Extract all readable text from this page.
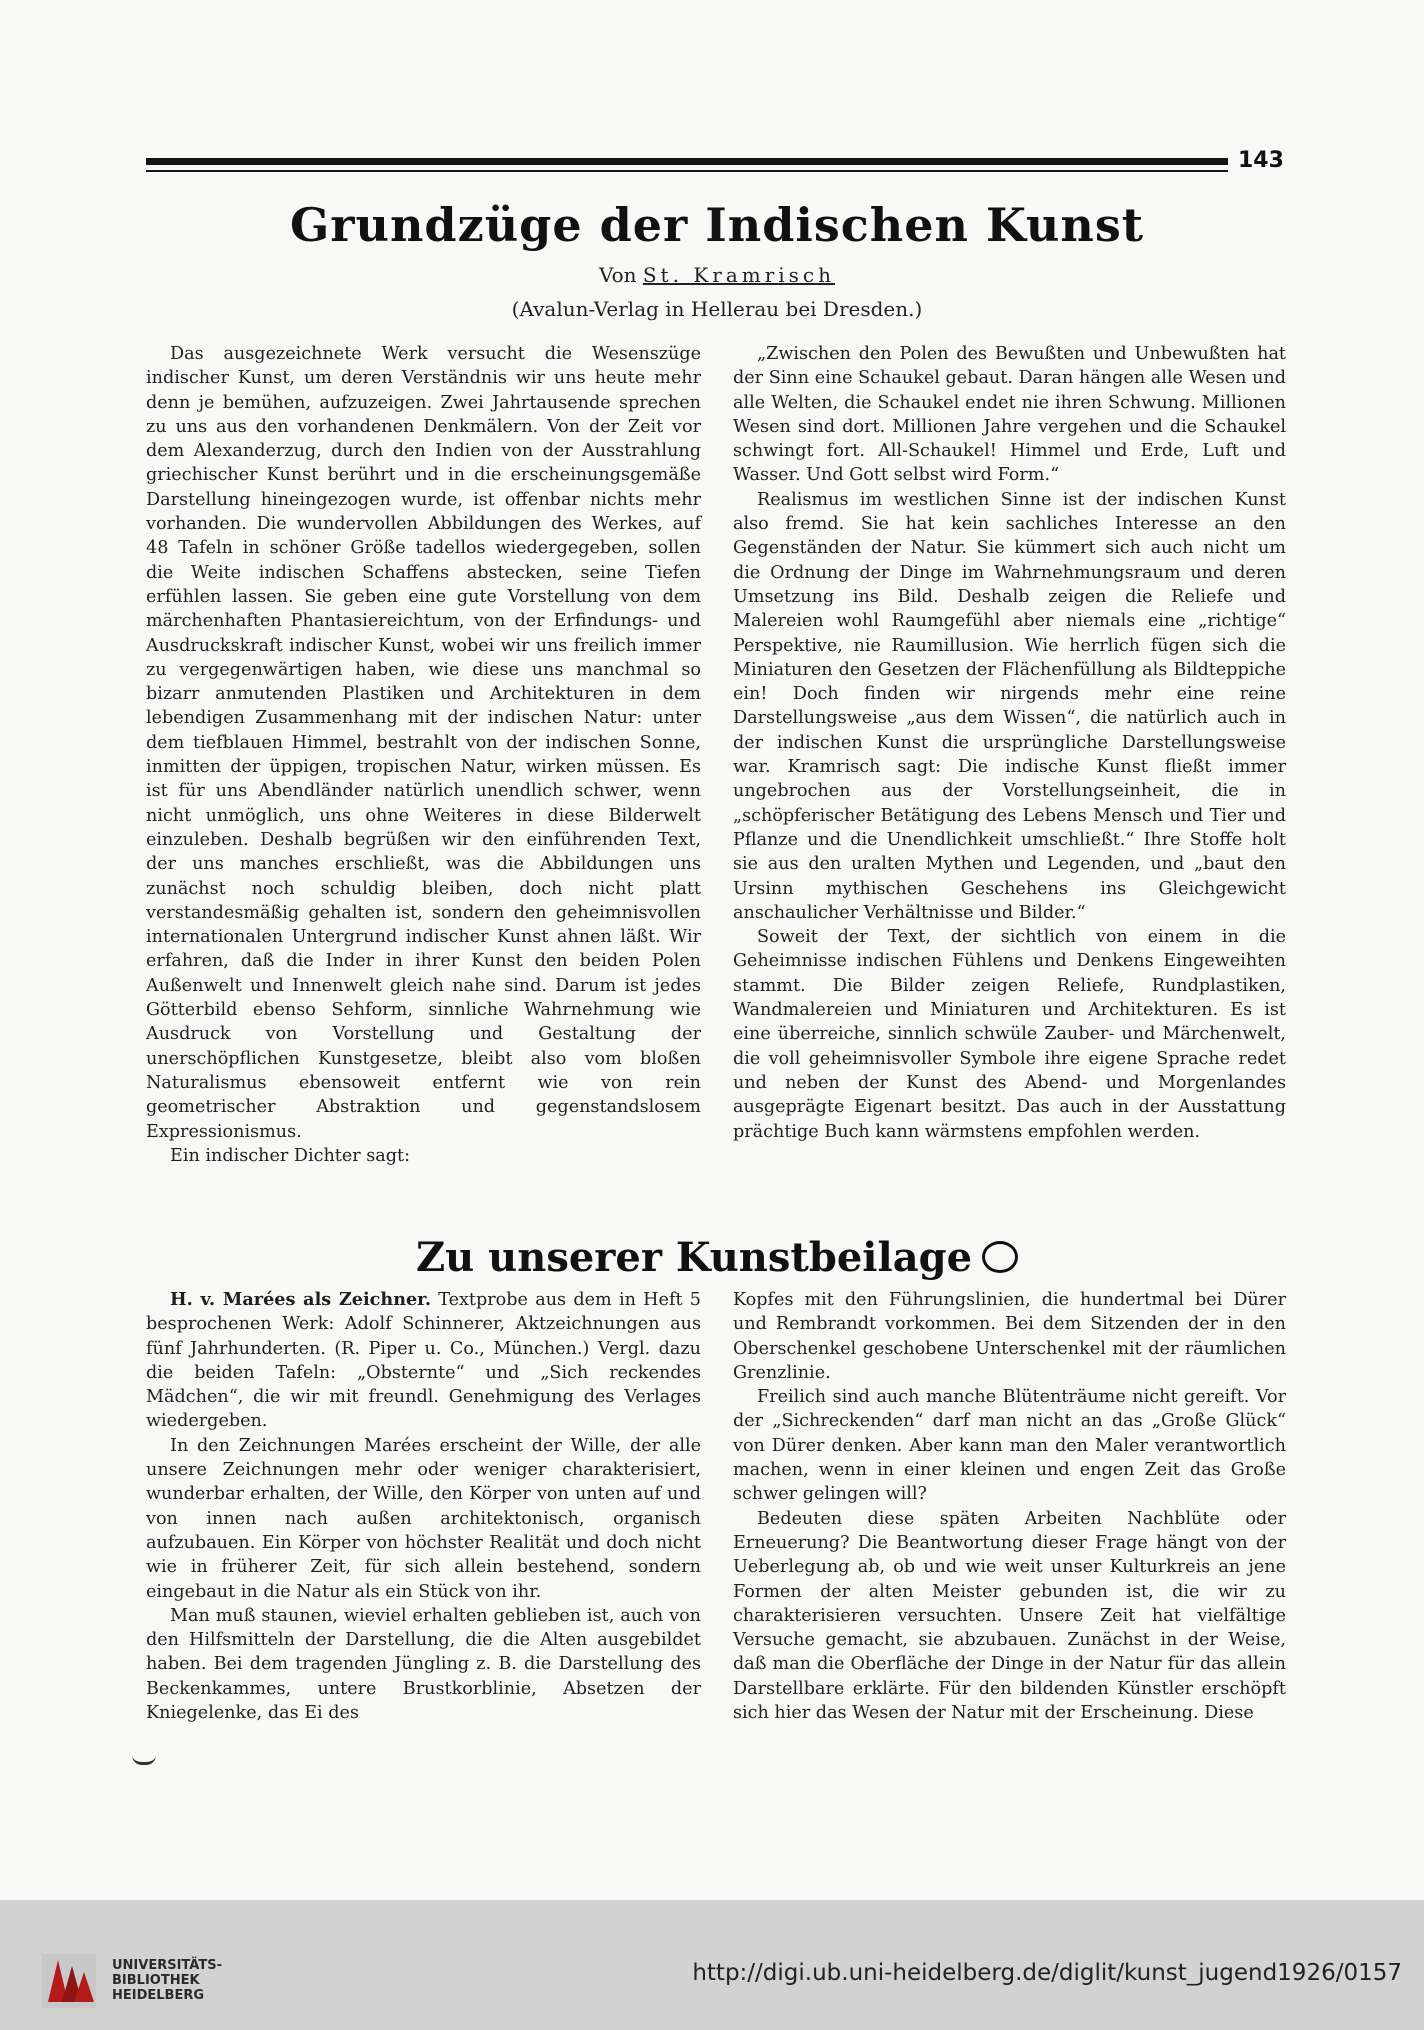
143
Grundzüge der Indischen Kunst

Von St. Kramrisch

(Avalun-Verlag in Hellerau bei Dresden.)

Das ausgezeichnete Werk versucht die Wesenszüge indischer Kunst, um deren Verständnis wir uns heute mehr denn je bemühen, aufzuzeigen. Zwei Jahrtausende sprechen zu uns aus den vorhandenen Denkmälern. Von der Zeit vor dem Alexanderzug, durch den Indien von der Ausstrahlung griechischer Kunst berührt und in die erscheinungsgemäße Darstellung hineingezogen wurde, ist offenbar nichts mehr vorhanden. Die wundervollen Abbildungen des Werkes, auf 48 Tafeln in schöner Größe tadellos wiedergegeben, sollen die Weite indischen Schaffens abstecken, seine Tiefen erfühlen lassen. Sie geben eine gute Vorstellung von dem märchenhaften Phantasiereichtum, von der Erfindungs- und Ausdruckskraft indischer Kunst, wobei wir uns freilich immer zu vergegenwärtigen haben, wie diese uns manchmal so bizarr anmutenden Plastiken und Architekturen in dem lebendigen Zusammenhang mit der indischen Natur: unter dem tiefblauen Himmel, bestrahlt von der indischen Sonne, inmitten der üppigen, tropischen Natur, wirken müssen. Es ist für uns Abendländer natürlich unendlich schwer, wenn nicht unmöglich, uns ohne Weiteres in diese Bilderwelt einzuleben. Deshalb begrüßen wir den einführenden Text, der uns manches erschließt, was die Abbildungen uns zunächst noch schuldig bleiben, doch nicht platt verstandesmäßig gehalten ist, sondern den geheimnisvollen internationalen Untergrund indischer Kunst ahnen läßt. Wir erfahren, daß die Inder in ihrer Kunst den beiden Polen Außenwelt und Innenwelt gleich nahe sind. Darum ist jedes Götterbild ebenso Sehform, sinnliche Wahrnehmung wie Ausdruck von Vorstellung und Gestaltung der unerschöpflichen Kunstgesetze, bleibt also vom bloßen Naturalismus ebensoweit entfernt wie von rein geometrischer Abstraktion und gegenstandslosem Expressionismus.

Ein indischer Dichter sagt:

„Zwischen den Polen des Bewußten und Unbewußten hat der Sinn eine Schaukel gebaut. Daran hängen alle Wesen und alle Welten, die Schaukel endet nie ihren Schwung. Millionen Wesen sind dort. Millionen Jahre vergehen und die Schaukel schwingt fort. All-Schaukel! Himmel und Erde, Luft und Wasser. Und Gott selbst wird Form.“

Realismus im westlichen Sinne ist der indischen Kunst also fremd. Sie hat kein sachliches Interesse an den Gegenständen der Natur. Sie kümmert sich auch nicht um die Ordnung der Dinge im Wahrnehmungsraum und deren Umsetzung ins Bild. Deshalb zeigen die Reliefe und Malereien wohl Raumgefühl aber niemals eine „richtige“ Perspektive, nie Raumillusion. Wie herrlich fügen sich die Miniaturen den Gesetzen der Flächenfüllung als Bildteppiche ein! Doch finden wir nirgends mehr eine reine Darstellungsweise „aus dem Wissen“, die natürlich auch in der indischen Kunst die ursprüngliche Darstellungsweise war. Kramrisch sagt: Die indische Kunst fließt immer ungebrochen aus der Vorstellungseinheit, die in „schöpferischer Betätigung des Lebens Mensch und Tier und Pflanze und die Unendlichkeit umschließt.“ Ihre Stoffe holt sie aus den uralten Mythen und Legenden, und „baut den Ursinn mythischen Geschehens ins Gleichgewicht anschaulicher Verhältnisse und Bilder.“

Soweit der Text, der sichtlich von einem in die Geheimnisse indischen Fühlens und Denkens Eingeweihten stammt. Die Bilder zeigen Reliefe, Rundplastiken, Wandmalereien und Miniaturen und Architekturen. Es ist eine überreiche, sinnlich schwüle Zauber- und Märchenwelt, die voll geheimnisvoller Symbole ihre eigene Sprache redet und neben der Kunst des Abend- und Morgenlandes ausgeprägte Eigenart besitzt. Das auch in der Ausstattung prächtige Buch kann wärmstens empfohlen werden.

Zu unserer Kunstbeilage

H. v. Marées als Zeichner. Textprobe aus dem in Heft 5 besprochenen Werk: Adolf Schinnerer, Aktzeichnungen aus fünf Jahrhunderten. (R. Piper u. Co., München.) Vergl. dazu die beiden Tafeln: „Obsternte“ und „Sich reckendes Mädchen“, die wir mit freundl. Genehmigung des Verlages wiedergeben.

In den Zeichnungen Marées erscheint der Wille, der alle unsere Zeichnungen mehr oder weniger charakterisiert, wunderbar erhalten, der Wille, den Körper von unten auf und von innen nach außen architektonisch, organisch aufzubauen. Ein Körper von höchster Realität und doch nicht wie in früherer Zeit, für sich allein bestehend, sondern eingebaut in die Natur als ein Stück von ihr.

Man muß staunen, wieviel erhalten geblieben ist, auch von den Hilfsmitteln der Darstellung, die die Alten ausgebildet haben. Bei dem tragenden Jüngling z. B. die Darstellung des Beckenkammes, untere Brustkorblinie, Absetzen der Kniegelenke, das Ei des

Kopfes mit den Führungslinien, die hundertmal bei Dürer und Rembrandt vorkommen. Bei dem Sitzenden der in den Oberschenkel geschobene Unterschenkel mit der räumlichen Grenzlinie.

Freilich sind auch manche Blütenträume nicht gereift. Vor der „Sichreckenden“ darf man nicht an das „Große Glück“ von Dürer denken. Aber kann man den Maler verantwortlich machen, wenn in einer kleinen und engen Zeit das Große schwer gelingen will?

Bedeuten diese späten Arbeiten Nachblüte oder Erneuerung? Die Beantwortung dieser Frage hängt von der Ueberlegung ab, ob und wie weit unser Kulturkreis an jene Formen der alten Meister gebunden ist, die wir zu charakterisieren versuchten. Unsere Zeit hat vielfältige Versuche gemacht, sie abzubauen. Zunächst in der Weise, daß man die Oberfläche der Dinge in der Natur für das allein Darstellbare erklärte. Für den bildenden Künstler erschöpft sich hier das Wesen der Natur mit der Erscheinung. Diese

UNIVERSITÄTS-
BIBLIOTHEK
HEIDELBERG
http://digi.ub.uni-heidelberg.de/diglit/kunst_jugend1926/0157
